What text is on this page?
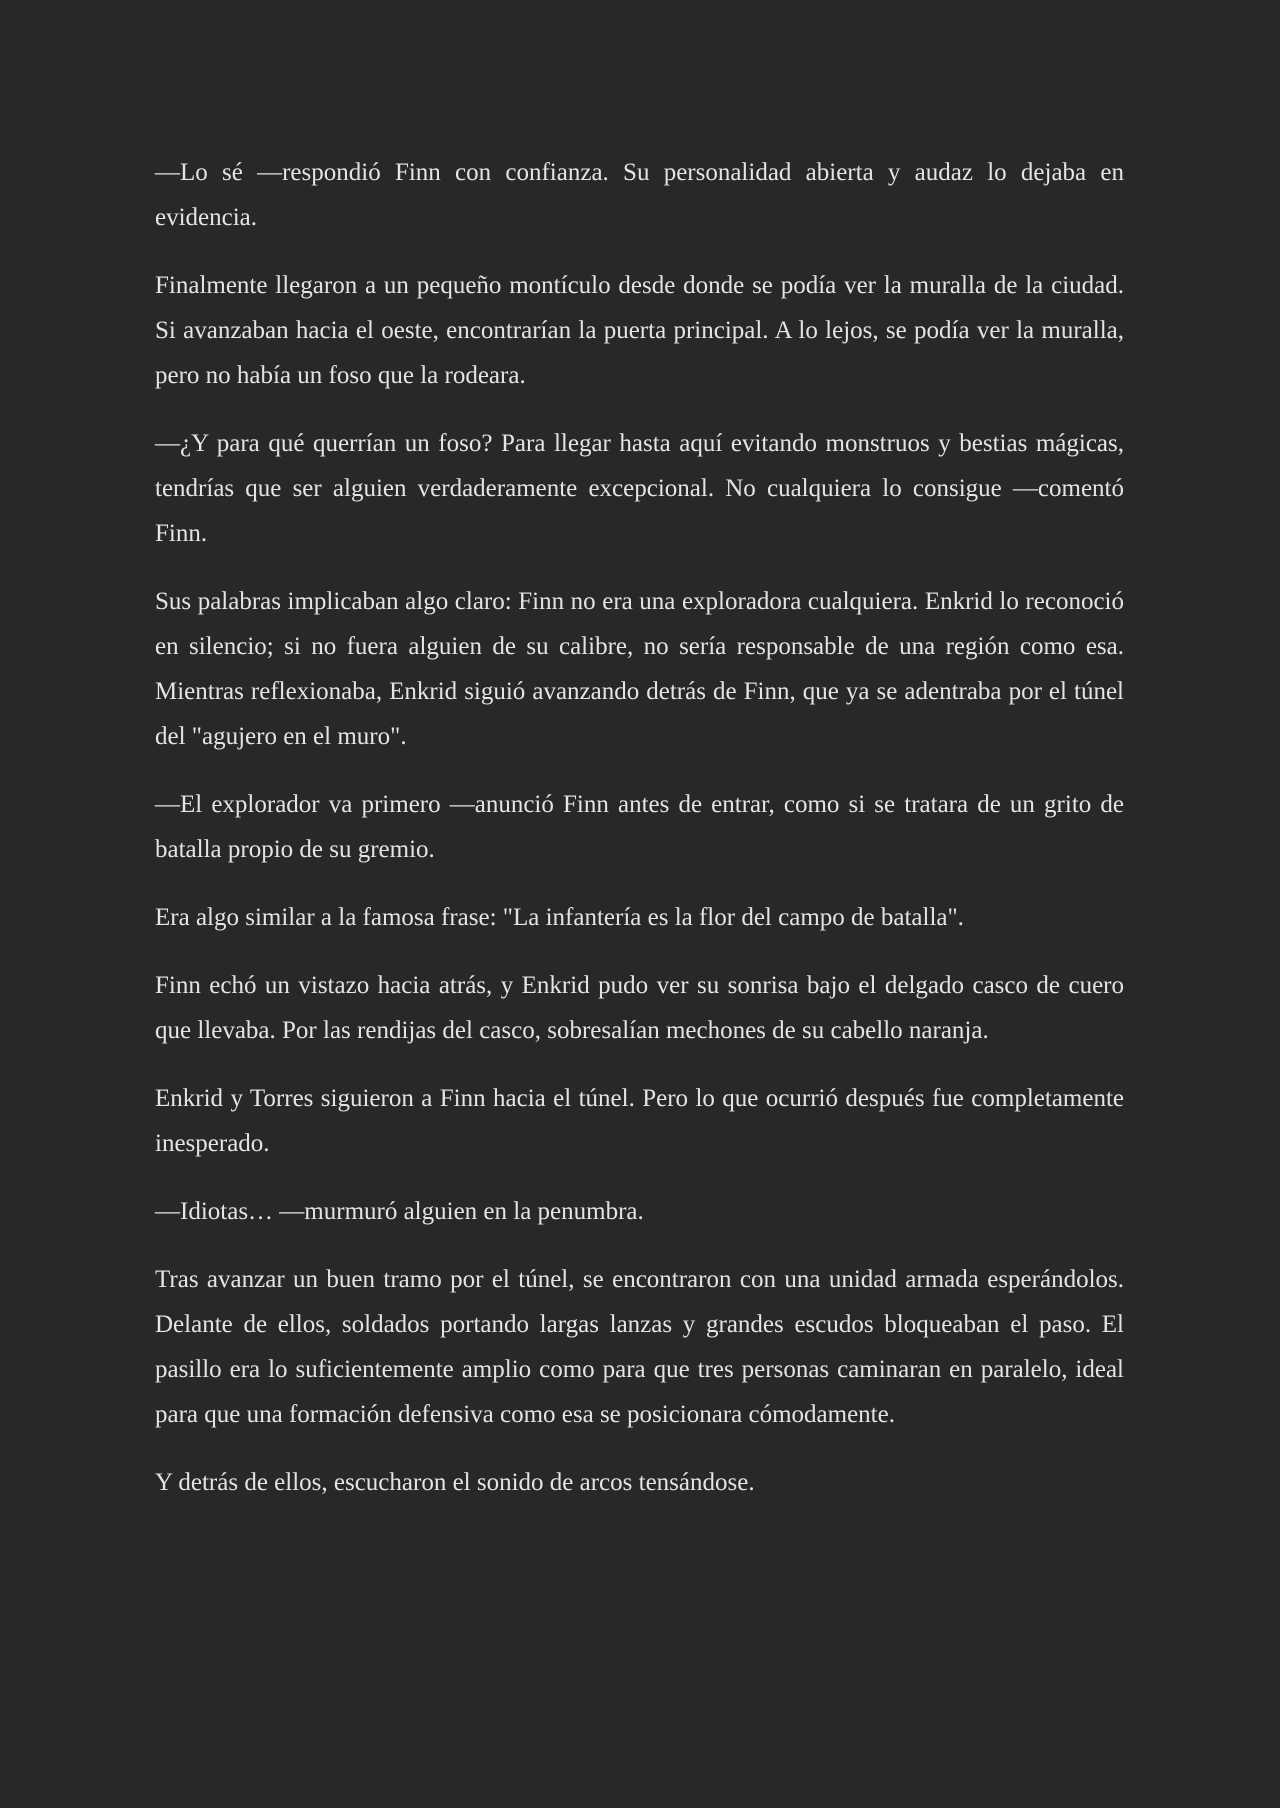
—Lo sé —respondió Finn con confianza. Su personalidad abierta y audaz lo dejaba en evidencia.

Finalmente llegaron a un pequeño montículo desde donde se podía ver la muralla de la ciudad. Si avanzaban hacia el oeste, encontrarían la puerta principal. A lo lejos, se podía ver la muralla, pero no había un foso que la rodeara.

—¿Y para qué querrían un foso? Para llegar hasta aquí evitando monstruos y bestias mágicas, tendrías que ser alguien verdaderamente excepcional. No cualquiera lo consigue —comentó Finn.

Sus palabras implicaban algo claro: Finn no era una exploradora cualquiera. Enkrid lo reconoció en silencio; si no fuera alguien de su calibre, no sería responsable de una región como esa. Mientras reflexionaba, Enkrid siguió avanzando detrás de Finn, que ya se adentraba por el túnel del "agujero en el muro".

—El explorador va primero —anunció Finn antes de entrar, como si se tratara de un grito de batalla propio de su gremio.

Era algo similar a la famosa frase: "La infantería es la flor del campo de batalla".

Finn echó un vistazo hacia atrás, y Enkrid pudo ver su sonrisa bajo el delgado casco de cuero que llevaba. Por las rendijas del casco, sobresalían mechones de su cabello naranja.

Enkrid y Torres siguieron a Finn hacia el túnel. Pero lo que ocurrió después fue completamente inesperado.

—Idiotas… —murmuró alguien en la penumbra.

Tras avanzar un buen tramo por el túnel, se encontraron con una unidad armada esperándolos. Delante de ellos, soldados portando largas lanzas y grandes escudos bloqueaban el paso. El pasillo era lo suficientemente amplio como para que tres personas caminaran en paralelo, ideal para que una formación defensiva como esa se posicionara cómodamente.

Y detrás de ellos, escucharon el sonido de arcos tensándose.
